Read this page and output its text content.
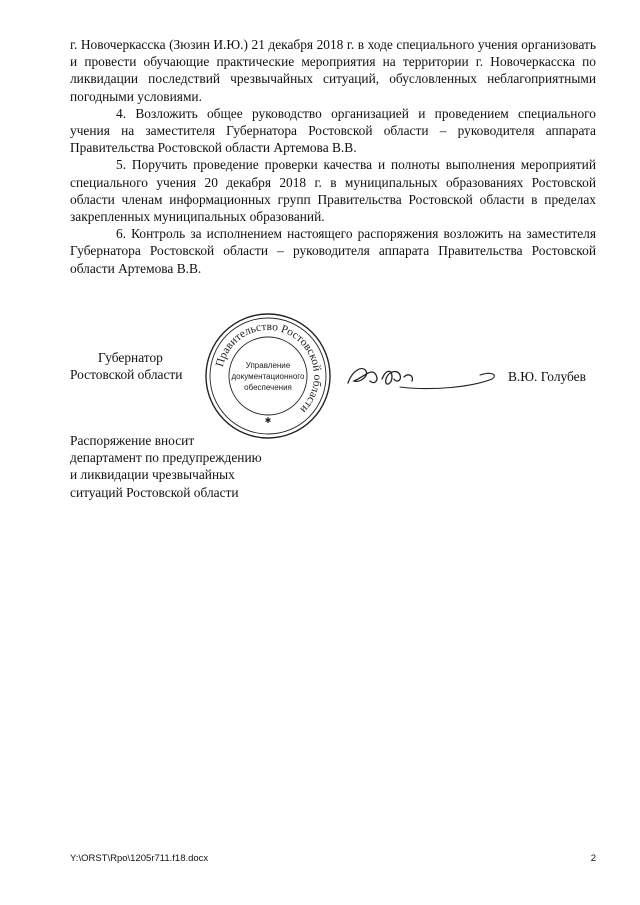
г. Новочеркасска (Зюзин И.Ю.) 21 декабря 2018 г. в ходе специального учения организовать и провести обучающие практические мероприятия на территории г. Новочеркасска по ликвидации последствий чрезвычайных ситуаций, обусловленных неблагоприятными погодными условиями.

4. Возложить общее руководство организацией и проведением специального учения на заместителя Губернатора Ростовской области – руководителя аппарата Правительства Ростовской области Артемова В.В.

5. Поручить проведение проверки качества и полноты выполнения мероприятий специального учения 20 декабря 2018 г. в муниципальных образованиях Ростовской области членам информационных групп Правительства Ростовской области в пределах закрепленных муниципальных образований.

6. Контроль за исполнением настоящего распоряжения возложить на заместителя Губернатора Ростовской области – руководителя аппарата Правительства Ростовской области Артемова В.В.

Губернатор
Ростовской области
Правительство Ростовской области
Управление
документационного
обеспечения
✱
В.Ю. Голубев
Распоряжение вносит
департамент по предупреждению
и ликвидации чрезвычайных
ситуаций Ростовской области
Y:\ORST\Rpo\1205r711.f18.docx	2
